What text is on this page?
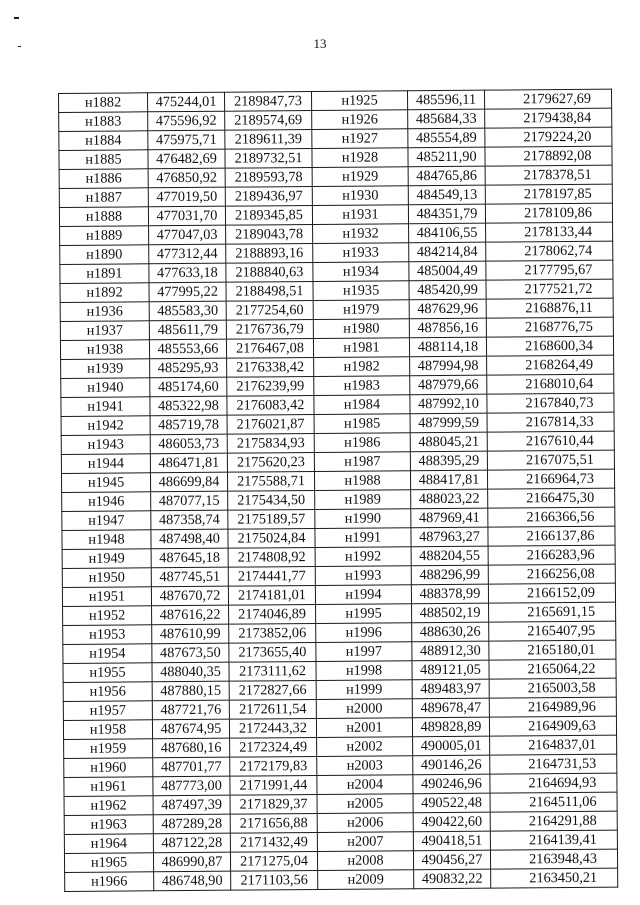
13
н1882	475244,01	2189847,73	н1925	485596,11	2179627,69
н1883	475596,92	2189574,69	н1926	485684,33	2179438,84
н1884	475975,71	2189611,39	н1927	485554,89	2179224,20
н1885	476482,69	2189732,51	н1928	485211,90	2178892,08
н1886	476850,92	2189593,78	н1929	484765,86	2178378,51
н1887	477019,50	2189436,97	н1930	484549,13	2178197,85
н1888	477031,70	2189345,85	н1931	484351,79	2178109,86
н1889	477047,03	2189043,78	н1932	484106,55	2178133,44
н1890	477312,44	2188893,16	н1933	484214,84	2178062,74
н1891	477633,18	2188840,63	н1934	485004,49	2177795,67
н1892	477995,22	2188498,51	н1935	485420,99	2177521,72
н1936	485583,30	2177254,60	н1979	487629,96	2168876,11
н1937	485611,79	2176736,79	н1980	487856,16	2168776,75
н1938	485553,66	2176467,08	н1981	488114,18	2168600,34
н1939	485295,93	2176338,42	н1982	487994,98	2168264,49
н1940	485174,60	2176239,99	н1983	487979,66	2168010,64
н1941	485322,98	2176083,42	н1984	487992,10	2167840,73
н1942	485719,78	2176021,87	н1985	487999,59	2167814,33
н1943	486053,73	2175834,93	н1986	488045,21	2167610,44
н1944	486471,81	2175620,23	н1987	488395,29	2167075,51
н1945	486699,84	2175588,71	н1988	488417,81	2166964,73
н1946	487077,15	2175434,50	н1989	488023,22	2166475,30
н1947	487358,74	2175189,57	н1990	487969,41	2166366,56
н1948	487498,40	2175024,84	н1991	487963,27	2166137,86
н1949	487645,18	2174808,92	н1992	488204,55	2166283,96
н1950	487745,51	2174441,77	н1993	488296,99	2166256,08
н1951	487670,72	2174181,01	н1994	488378,99	2166152,09
н1952	487616,22	2174046,89	н1995	488502,19	2165691,15
н1953	487610,99	2173852,06	н1996	488630,26	2165407,95
н1954	487673,50	2173655,40	н1997	488912,30	2165180,01
н1955	488040,35	2173111,62	н1998	489121,05	2165064,22
н1956	487880,15	2172827,66	н1999	489483,97	2165003,58
н1957	487721,76	2172611,54	н2000	489678,47	2164989,96
н1958	487674,95	2172443,32	н2001	489828,89	2164909,63
н1959	487680,16	2172324,49	н2002	490005,01	2164837,01
н1960	487701,77	2172179,83	н2003	490146,26	2164731,53
н1961	487773,00	2171991,44	н2004	490246,96	2164694,93
н1962	487497,39	2171829,37	н2005	490522,48	2164511,06
н1963	487289,28	2171656,88	н2006	490422,60	2164291,88
н1964	487122,28	2171432,49	н2007	490418,51	2164139,41
н1965	486990,87	2171275,04	н2008	490456,27	2163948,43
н1966	486748,90	2171103,56	н2009	490832,22	2163450,21
